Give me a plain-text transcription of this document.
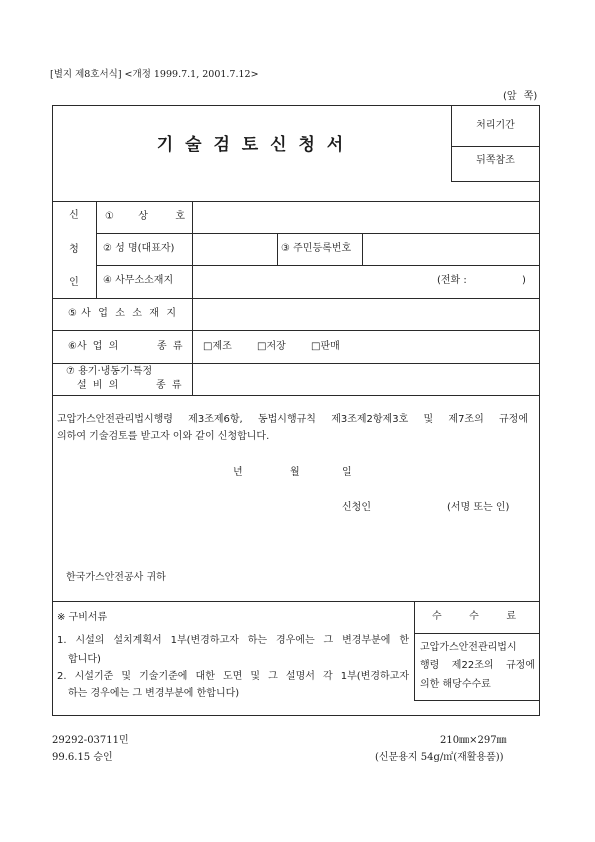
[별지 제8호서식] <개정 1999.7.1, 2001.7.12>
(앞 쪽)
기 술 검 토 신 청 서
처리기간
뒤쪽참조
신
청
인
①상 호
② 성 명(대표자)	③ 주민등록번호
④ 사무소소재지	(전화 :	)
⑤사 업 소 소 재 지
⑥사 업 의	종 류 □제조	□저장	□판매
⑦ 용기·냉동기·특정
설 비 의	종 류
고압가스안전관리법시행령 제3조제6항, 동법시행규칙 제3조제2항제3호 및 제7조의 규정에
의하여 기술검토를 받고자 이와 같이 신청합니다.
년	월	일
신청인	(서명 또는 인)
한국가스안전공사 귀하
※ 구비서류
1. 시설의 설치계획서 1부(변경하고자 하는 경우에는 그 변경부분에 한
합니다)
2. 시설기준 및 기술기준에 대한 도면 및 그 설명서 각 1부(변경하고자
하는 경우에는 그 변경부분에 한합니다)
수 수 료
고압가스안전관리법시
행령 제22조의 규정에
의한 해당수수료
29292-03711민	210㎜×297㎜
99.6.15 승인	(신문용지 54g/㎡(재활용품))
